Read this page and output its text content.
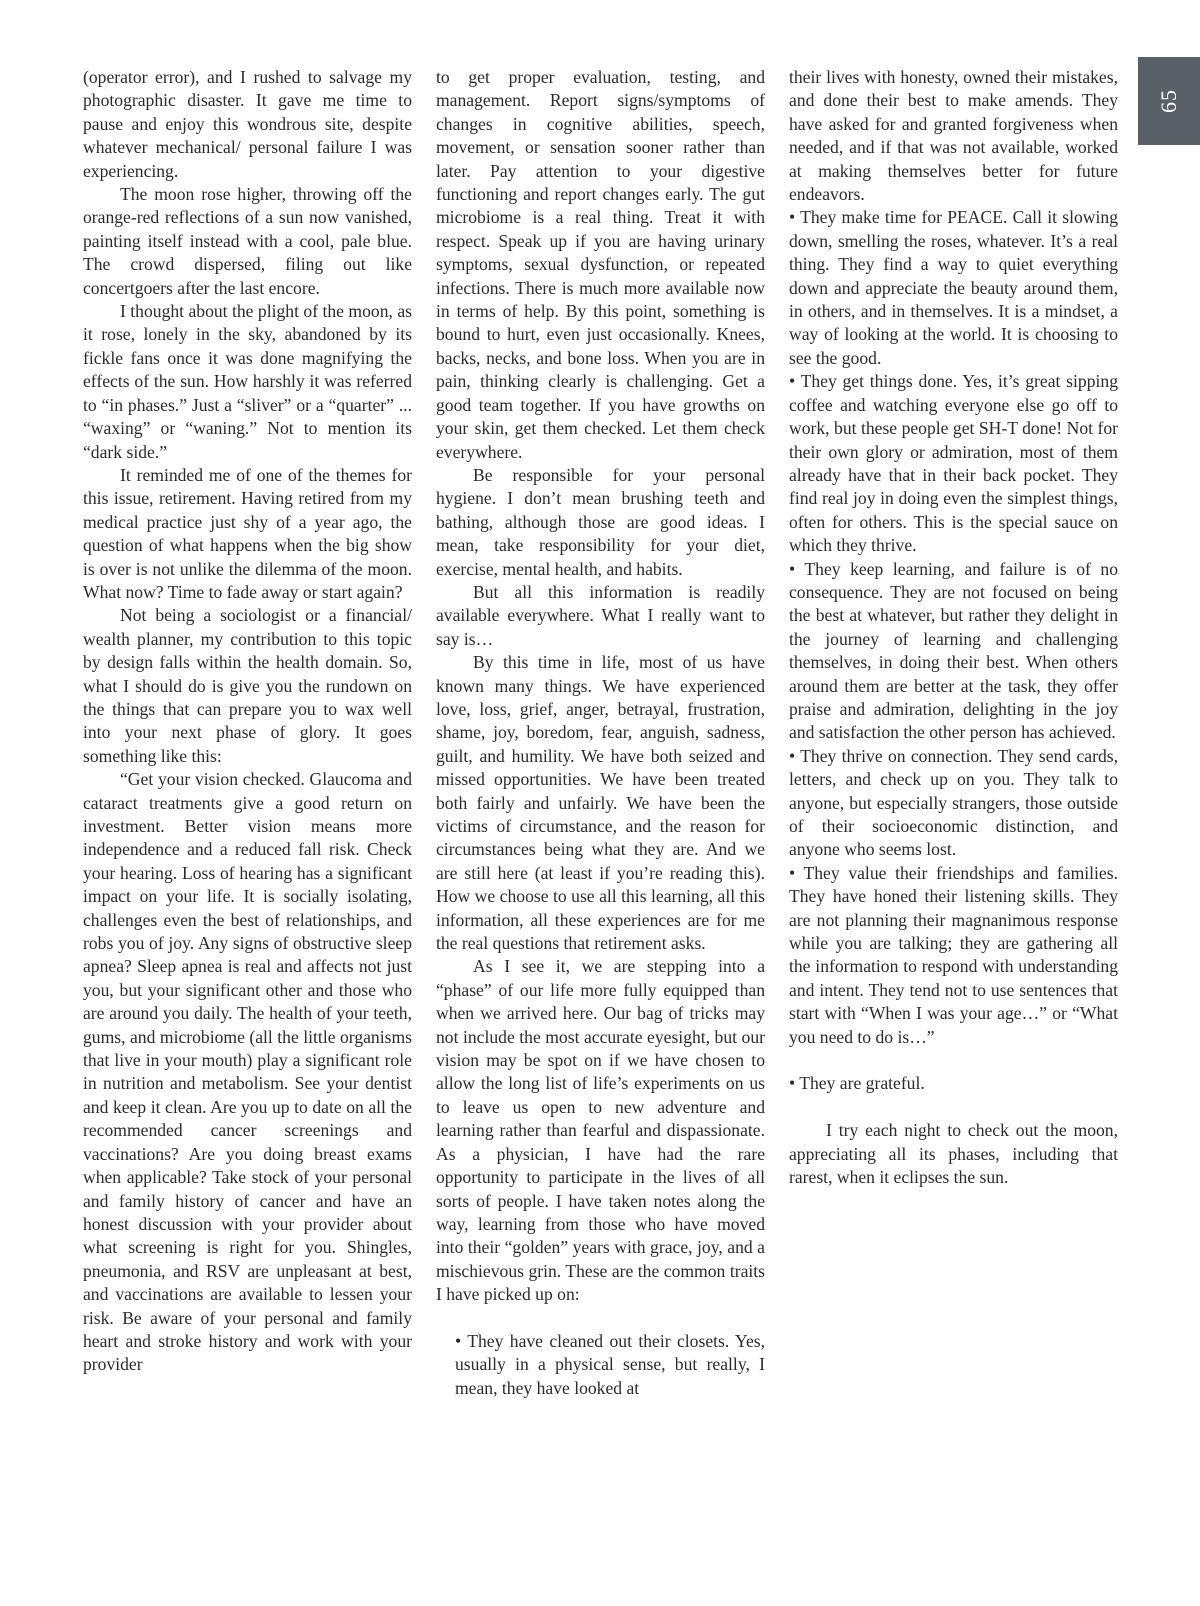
65

(operator error), and I rushed to salvage my photographic disaster. It gave me time to pause and enjoy this wondrous site, despite whatever mechanical/ personal failure I was experiencing.

The moon rose higher, throwing off the orange-red reflections of a sun now vanished, painting itself instead with a cool, pale blue. The crowd dispersed, filing out like concertgoers after the last encore.

I thought about the plight of the moon, as it rose, lonely in the sky, abandoned by its fickle fans once it was done magnifying the effects of the sun. How harshly it was referred to “in phases.” Just a “sliver” or a “quarter” ... “waxing” or “waning.” Not to mention its “dark side.”

It reminded me of one of the themes for this issue, retirement. Having retired from my medical practice just shy of a year ago, the question of what happens when the big show is over is not unlike the dilemma of the moon. What now? Time to fade away or start again?

Not being a sociologist or a financial/ wealth planner, my contribution to this topic by design falls within the health domain. So, what I should do is give you the rundown on the things that can prepare you to wax well into your next phase of glory. It goes something like this:

“Get your vision checked. Glaucoma and cataract treatments give a good return on investment. Better vision means more independence and a reduced fall risk. Check your hearing. Loss of hearing has a significant impact on your life. It is socially isolating, challenges even the best of relationships, and robs you of joy. Any signs of obstructive sleep apnea? Sleep apnea is real and affects not just you, but your significant other and those who are around you daily. The health of your teeth, gums, and microbiome (all the little organisms that live in your mouth) play a significant role in nutrition and metabolism. See your dentist and keep it clean. Are you up to date on all the recommended cancer screenings and vaccinations? Are you doing breast exams when applicable? Take stock of your personal and family history of cancer and have an honest discussion with your provider about what screening is right for you. Shingles, pneumonia, and RSV are unpleasant at best, and vaccinations are available to lessen your risk. Be aware of your personal and family heart and stroke history and work with your provider

to get proper evaluation, testing, and management. Report signs/symptoms of changes in cognitive abilities, speech, movement, or sensation sooner rather than later. Pay attention to your digestive functioning and report changes early. The gut microbiome is a real thing. Treat it with respect. Speak up if you are having urinary symptoms, sexual dysfunction, or repeated infections. There is much more available now in terms of help. By this point, something is bound to hurt, even just occasionally. Knees, backs, necks, and bone loss. When you are in pain, thinking clearly is challenging. Get a good team together. If you have growths on your skin, get them checked. Let them check everywhere.

Be responsible for your personal hygiene. I don’t mean brushing teeth and bathing, although those are good ideas. I mean, take responsibility for your diet, exercise, mental health, and habits.

But all this information is readily available everywhere. What I really want to say is…

By this time in life, most of us have known many things. We have experienced love, loss, grief, anger, betrayal, frustration, shame, joy, boredom, fear, anguish, sadness, guilt, and humility. We have both seized and missed opportunities. We have been treated both fairly and unfairly. We have been the victims of circumstance, and the reason for circumstances being what they are. And we are still here (at least if you’re reading this). How we choose to use all this learning, all this information, all these experiences are for me the real questions that retirement asks.

As I see it, we are stepping into a “phase” of our life more fully equipped than when we arrived here. Our bag of tricks may not include the most accurate eyesight, but our vision may be spot on if we have chosen to allow the long list of life’s experiments on us to leave us open to new adventure and learning rather than fearful and dispassionate. As a physician, I have had the rare opportunity to participate in the lives of all sorts of people. I have taken notes along the way, learning from those who have moved into their “golden” years with grace, joy, and a mischievous grin. These are the common traits I have picked up on:

• They have cleaned out their closets. Yes, usually in a physical sense, but really, I mean, they have looked at

their lives with honesty, owned their mistakes, and done their best to make amends. They have asked for and granted forgiveness when needed, and if that was not available, worked at making themselves better for future endeavors.

• They make time for PEACE. Call it slowing down, smelling the roses, whatever. It’s a real thing. They find a way to quiet everything down and appreciate the beauty around them, in others, and in themselves. It is a mindset, a way of looking at the world. It is choosing to see the good.

• They get things done. Yes, it’s great sipping coffee and watching everyone else go off to work, but these people get SH-T done! Not for their own glory or admiration, most of them already have that in their back pocket. They find real joy in doing even the simplest things, often for others. This is the special sauce on which they thrive.

• They keep learning, and failure is of no consequence. They are not focused on being the best at whatever, but rather they delight in the journey of learning and challenging themselves, in doing their best. When others around them are better at the task, they offer praise and admiration, delighting in the joy and satisfaction the other person has achieved.

• They thrive on connection. They send cards, letters, and check up on you. They talk to anyone, but especially strangers, those outside of their socioeconomic distinction, and anyone who seems lost.

• They value their friendships and families. They have honed their listening skills. They are not planning their magnanimous response while you are talking; they are gathering all the information to respond with understanding and intent. They tend not to use sentences that start with “When I was your age…” or “What you need to do is…”

• They are grateful.

I try each night to check out the moon, appreciating all its phases, including that rarest, when it eclipses the sun.
